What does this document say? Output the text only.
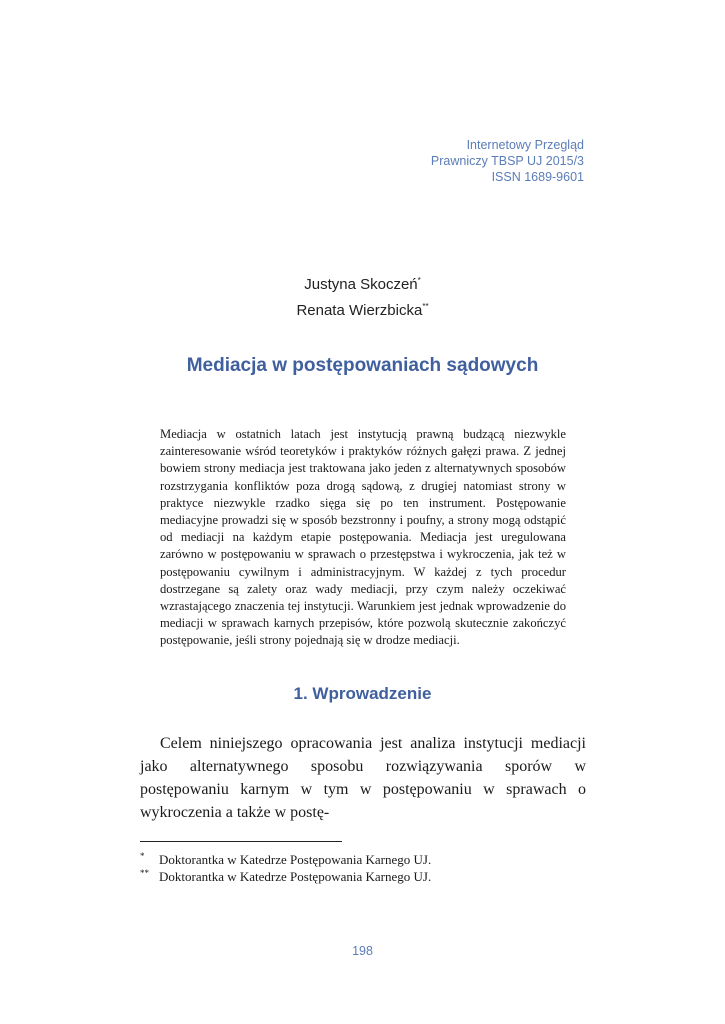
Internetowy Przegląd
Prawniczy TBSP UJ 2015/3
ISSN 1689-9601
Justyna Skoczeń*
Renata Wierzbicka**
Mediacja w postępowaniach sądowych

Mediacja w ostatnich latach jest instytucją prawną budzącą niezwykle zainteresowanie wśród teoretyków i praktyków różnych gałęzi prawa. Z jednej bowiem strony mediacja jest traktowana jako jeden z alternatywnych sposobów rozstrzygania konfliktów poza drogą sądową, z drugiej natomiast strony w praktyce niezwykle rzadko sięga się po ten instrument. Postępowanie mediacyjne prowadzi się w sposób bezstronny i poufny, a strony mogą odstąpić od mediacji na każdym etapie postępowania. Mediacja jest uregulowana zarówno w postępowaniu w sprawach o przestępstwa i wykroczenia, jak też w postępowaniu cywilnym i administracyjnym. W każdej z tych procedur dostrzegane są zalety oraz wady mediacji, przy czym należy oczekiwać wzrastającego znaczenia tej instytucji. Warunkiem jest jednak wprowadzenie do mediacji w sprawach karnych przepisów, które pozwolą skutecznie zakończyć postępowanie, jeśli strony pojednają się w drodze mediacji.

1. Wprowadzenie

Celem niniejszego opracowania jest analiza instytucji mediacji jako alternatywnego sposobu rozwiązywania sporów w postępowaniu karnym w tym w postępowaniu w sprawach o wykroczenia a także w postę-

* Doktorantka w Katedrze Postępowania Karnego UJ.
** Doktorantka w Katedrze Postępowania Karnego UJ.
198
